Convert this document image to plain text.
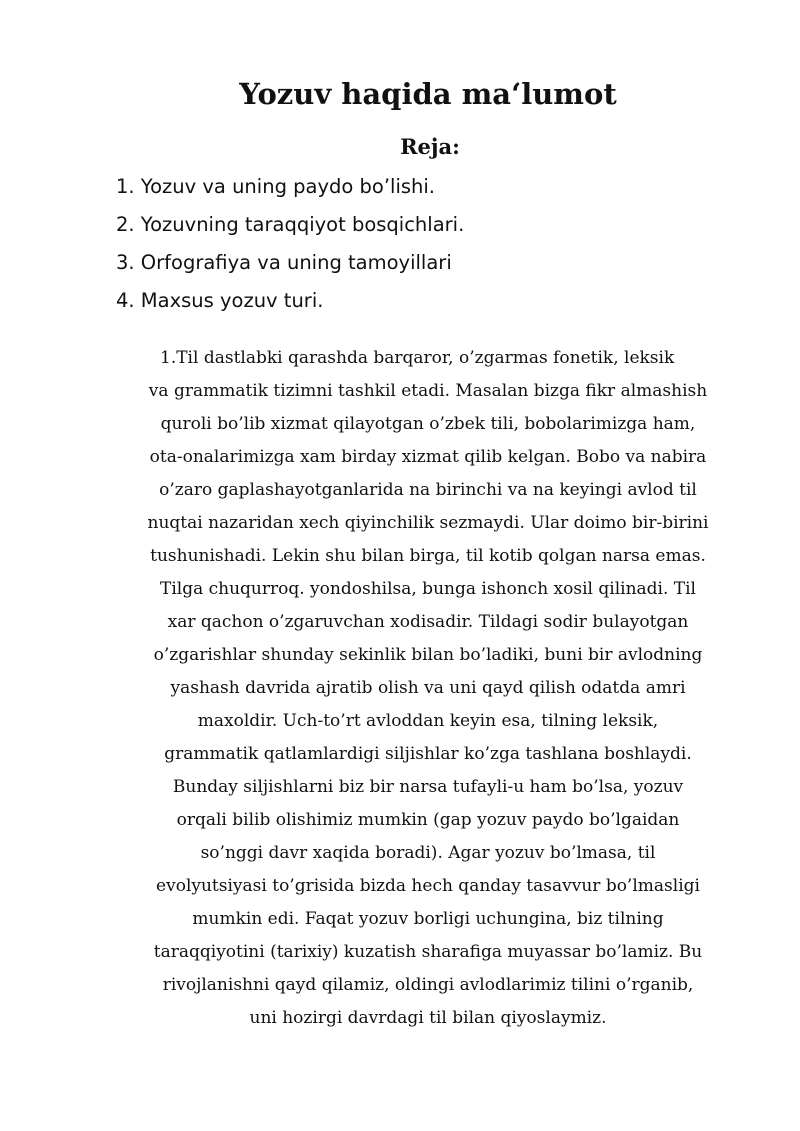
Yozuv haqida maʻlumot
Reja:
1. Yozuv va uning paydo bo’lishi.
2. Yozuvning taraqqiyot bosqichlari.
3. Orfografiya va uning tamoyillari
4. Maxsus yozuv turi.
1.Til dastlabki qarashda barqaror, o’zgarmas fonetik, leksik
va grammatik tizimni tashkil etadi. Masalan bizga fikr almashish
quroli bo’lib xizmat qilayotgan o’zbek tili, bobolarimizga ham,
ota-onalarimizga xam birday xizmat qilib kelgan. Bobo va nabira
o’zaro gaplashayotganlarida na birinchi va na keyingi avlod til
nuqtai nazaridan xech qiyinchilik sezmaydi. Ular doimo bir-birini
tushunishadi. Lekin shu bilan birga, til kotib qolgan narsa emas.
Tilga chuqurroq. yondoshilsa, bunga ishonch xosil qilinadi. Til
xar qachon o’zgaruvchan xodisadir. Tildagi sodir bulayotgan
o’zgarishlar shunday sekinlik bilan bo’ladiki, buni bir avlodning
yashash davrida ajratib olish va uni qayd qilish odatda amri
maxoldir. Uch-to’rt avloddan keyin esa, tilning leksik,
grammatik qatlamlardigi siljishlar ko’zga tashlana boshlaydi.
Bunday siljishlarni biz bir narsa tufayli-u ham bo’lsa, yozuv
orqali bilib olishimiz mumkin (gap yozuv paydo bo’lgaidan
so’nggi davr xaqida boradi). Agar yozuv bo’lmasa, til
evolyutsiyasi to’grisida bizda hech qanday tasavvur bo’lmasligi
mumkin edi. Faqat yozuv borligi uchungina, biz tilning
taraqqiyotini (tarixiy) kuzatish sharafiga muyassar bo’lamiz. Bu
rivojlanishni qayd qilamiz, oldingi avlodlarimiz tilini o’rganib,
uni hozirgi davrdagi til bilan qiyoslaymiz.
